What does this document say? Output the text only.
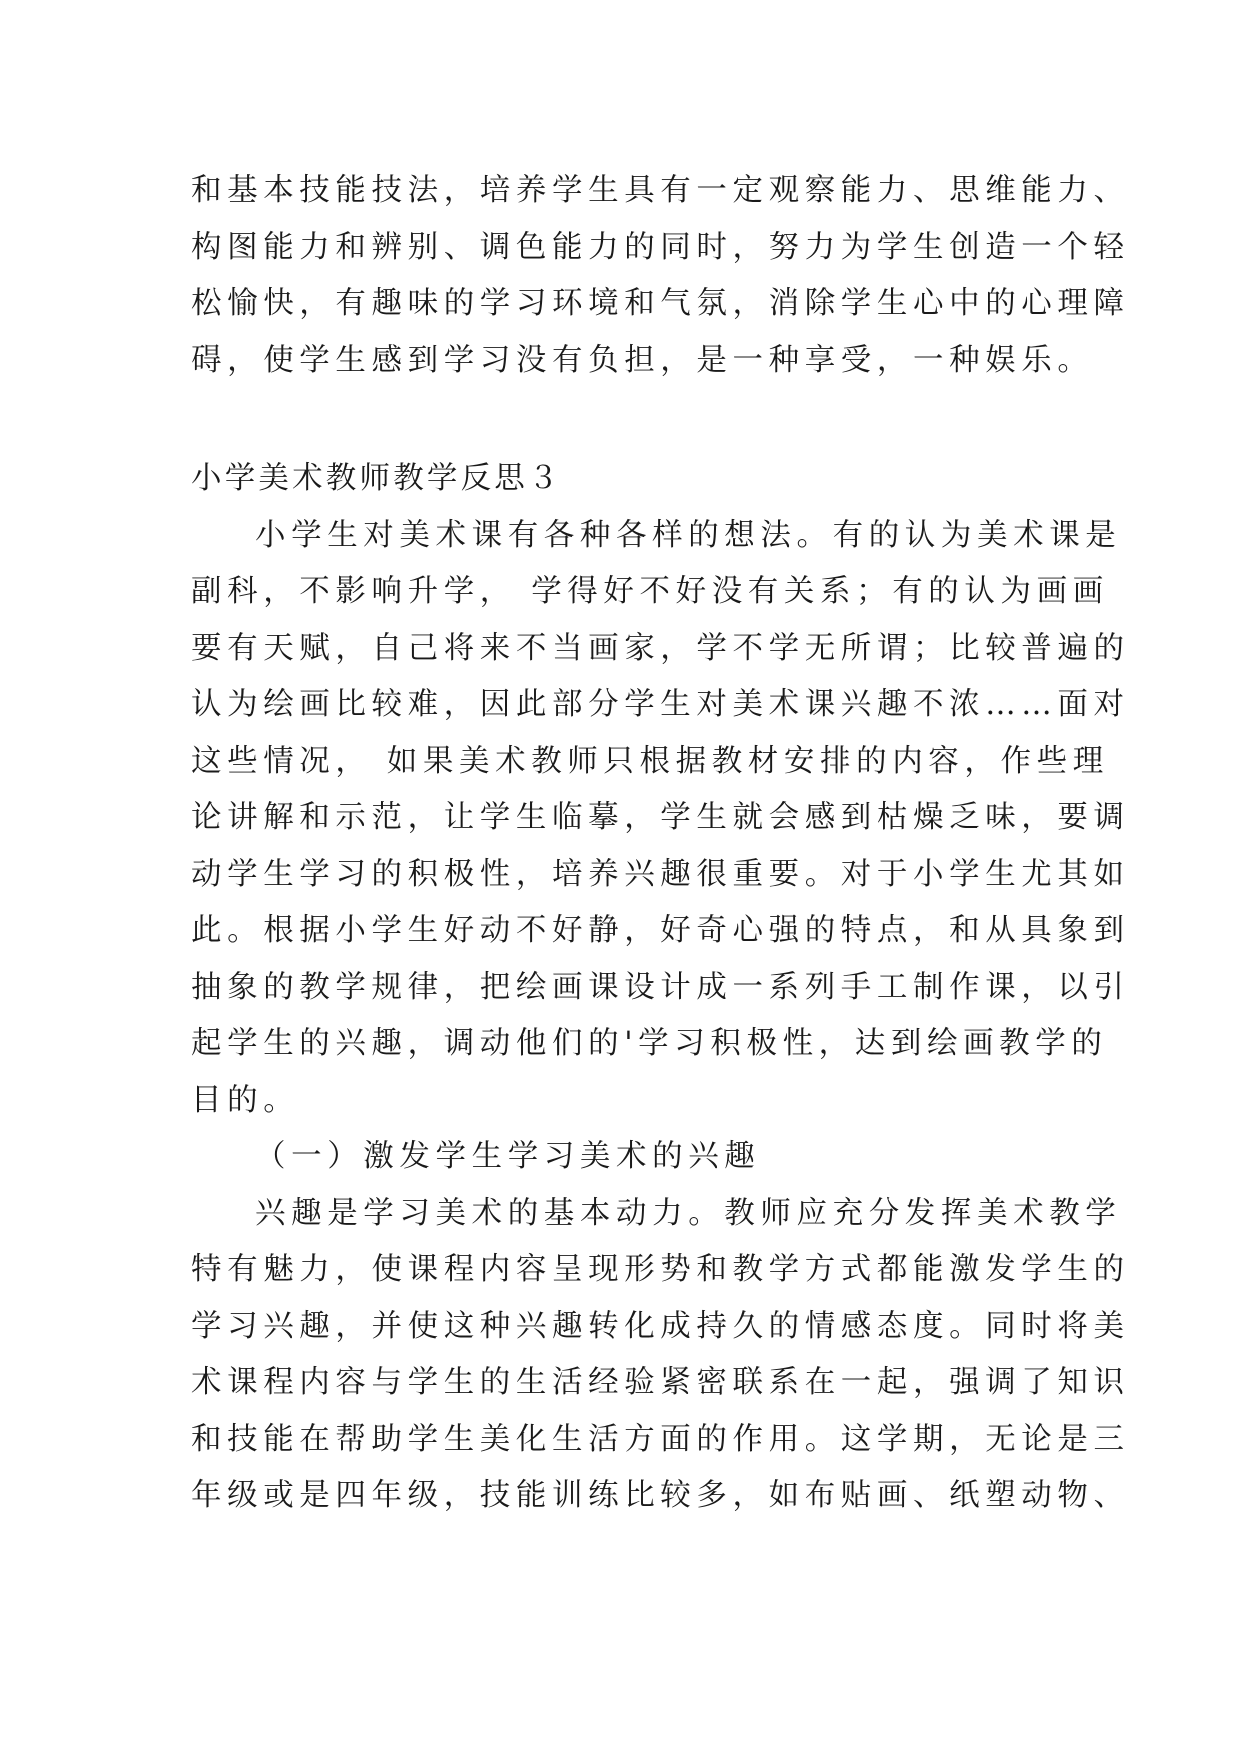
和基本技能技法，培养学生具有一定观察能力、思维能力、
构图能力和辨别、调色能力的同时，努力为学生创造一个轻
松愉快，有趣味的学习环境和气氛，消除学生心中的心理障
碍，使学生感到学习没有负担，是一种享受，一种娱乐。
小学美术教师教学反思３
小学生对美术课有各种各样的想法。有的认为美术课是
副科，不影响升学， 学得好不好没有关系；有的认为画画
要有天赋，自己将来不当画家，学不学无所谓；比较普遍的
认为绘画比较难，因此部分学生对美术课兴趣不浓……面对
这些情况， 如果美术教师只根据教材安排的内容，作些理
论讲解和示范，让学生临摹，学生就会感到枯燥乏味，要调
动学生学习的积极性，培养兴趣很重要。对于小学生尤其如
此。根据小学生好动不好静，好奇心强的特点，和从具象到
抽象的教学规律，把绘画课设计成一系列手工制作课，以引
起学生的兴趣，调动他们的'学习积极性，达到绘画教学的
目的。
（一）激发学生学习美术的兴趣
兴趣是学习美术的基本动力。教师应充分发挥美术教学
特有魅力，使课程内容呈现形势和教学方式都能激发学生的
学习兴趣，并使这种兴趣转化成持久的情感态度。同时将美
术课程内容与学生的生活经验紧密联系在一起，强调了知识
和技能在帮助学生美化生活方面的作用。这学期，无论是三
年级或是四年级，技能训练比较多，如布贴画、纸塑动物、
